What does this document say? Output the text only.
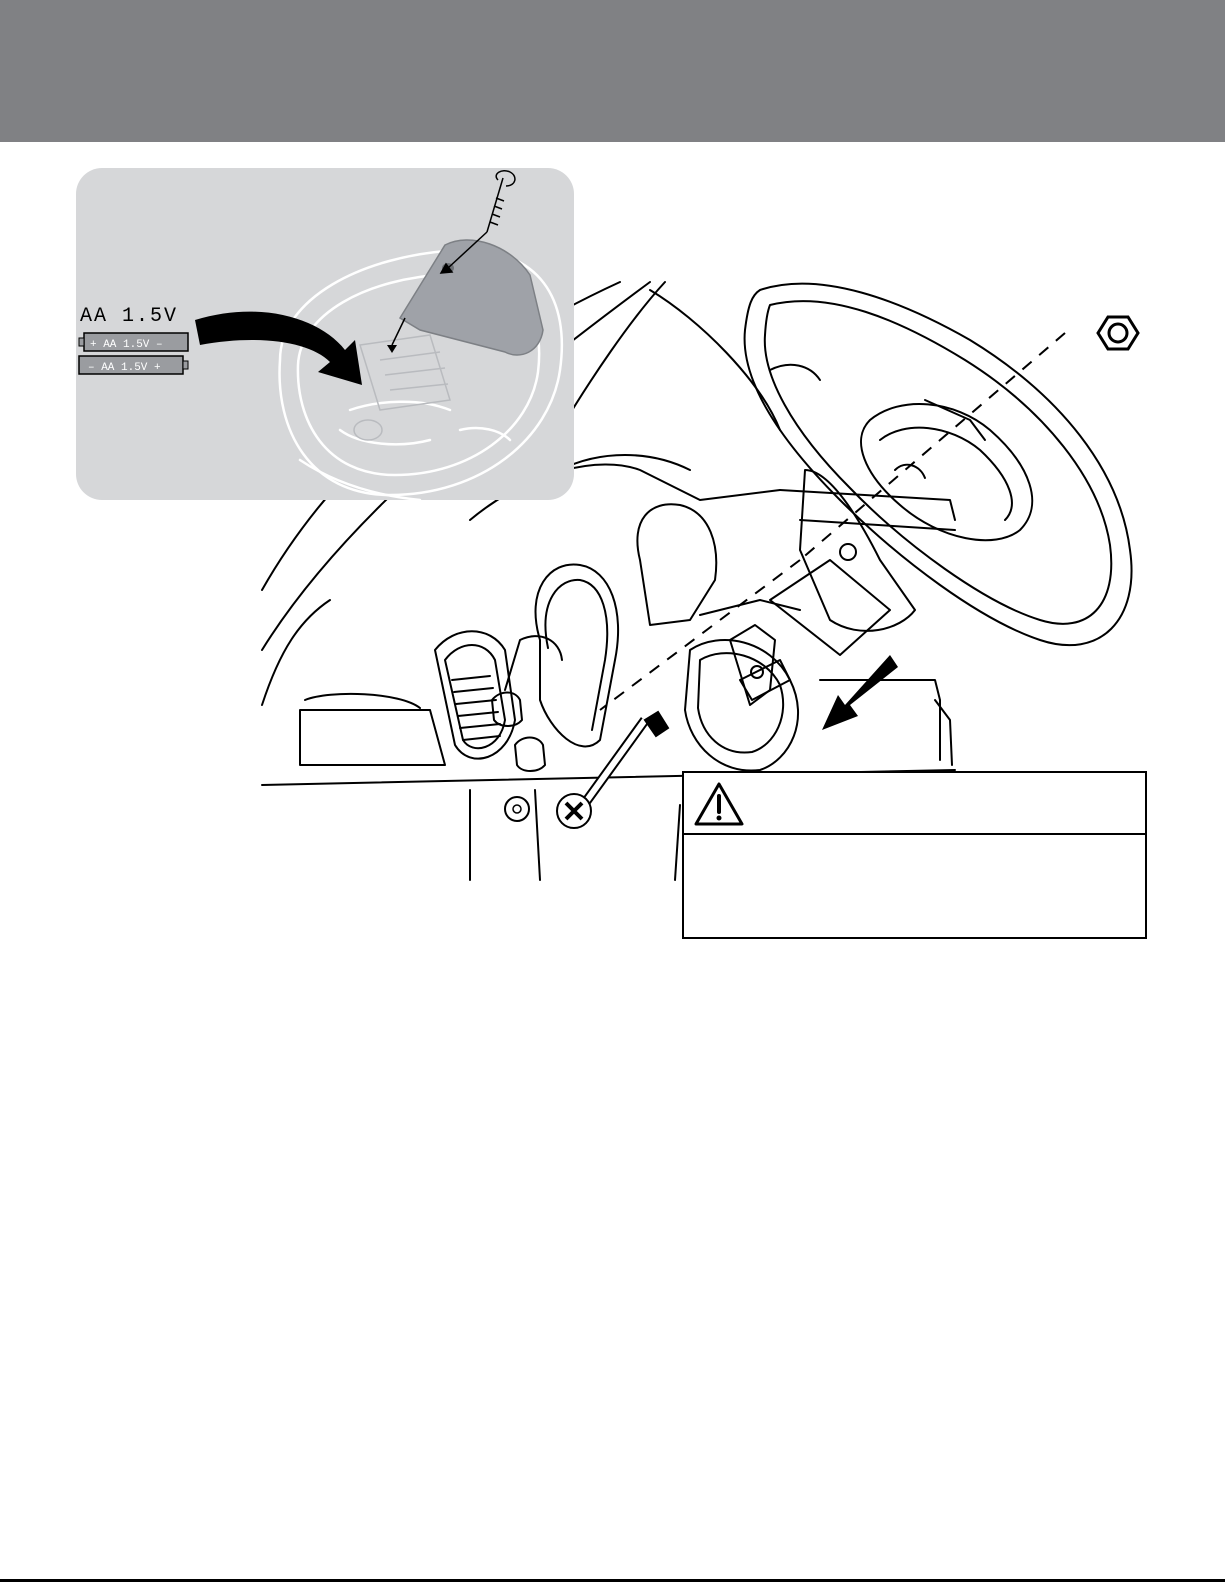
AA 1.5V
+ AA 1.5V –
– AA 1.5V +
